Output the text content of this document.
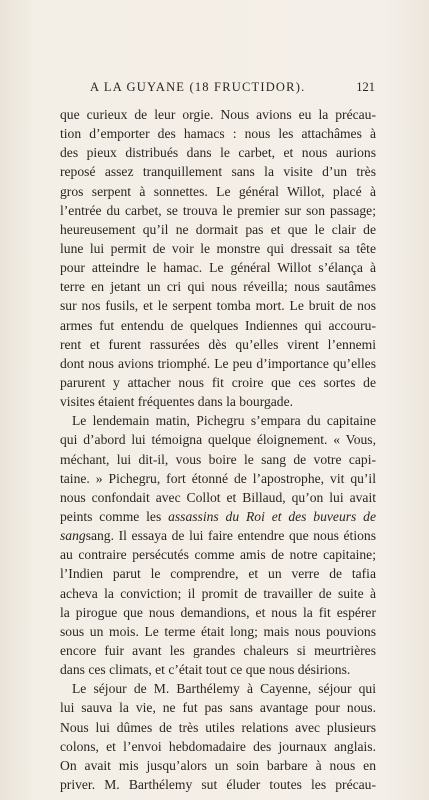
A LA GUYANE (18 FRUCTIDOR).	121
que curieux de leur orgie. Nous avions eu la précau-
tion d’emporter des hamacs : nous les attachâmes à
des pieux distribués dans le carbet, et nous aurions
reposé assez tranquillement sans la visite d’un très
gros serpent à sonnettes. Le général Willot, placé à
l’entrée du carbet, se trouva le premier sur son passage;
heureusement qu’il ne dormait pas et que le clair de
lune lui permit de voir le monstre qui dressait sa tête
pour atteindre le hamac. Le général Willot s’élança à
terre en jetant un cri qui nous réveilla; nous sautâmes
sur nos fusils, et le serpent tomba mort. Le bruit de nos
armes fut entendu de quelques Indiennes qui accouru-
rent et furent rassurées dès qu’elles virent l’ennemi
dont nous avions triomphé. Le peu d’importance qu’elles
parurent y attacher nous fit croire que ces sortes de
visites étaient fréquentes dans la bourgade.
Le lendemain matin, Pichegru s’empara du capitaine
qui d’abord lui témoigna quelque éloignement. « Vous,
méchant, lui dit-il, vous boire le sang de votre capi-
taine. » Pichegru, fort étonné de l’apostrophe, vit qu’il
nous confondait avec Collot et Billaud, qu’on lui avait
peints comme les assassins du Roi et des buveurs de
sangsang. Il essaya de lui faire entendre que nous étions
au contraire persécutés comme amis de notre capitaine;
l’Indien parut le comprendre, et un verre de tafia
acheva la conviction; il promit de travailler de suite à
la pirogue que nous demandions, et nous la fit espérer
sous un mois. Le terme était long; mais nous pouvions
encore fuir avant les grandes chaleurs si meurtrières
dans ces climats, et c’était tout ce que nous désirions.
Le séjour de M. Barthélemy à Cayenne, séjour qui
lui sauva la vie, ne fut pas sans avantage pour nous.
Nous lui dûmes de très utiles relations avec plusieurs
colons, et l’envoi hebdomadaire des journaux anglais.
On avait mis jusqu’alors un soin barbare à nous en
priver. M. Barthélemy sut éluder toutes les précau-
